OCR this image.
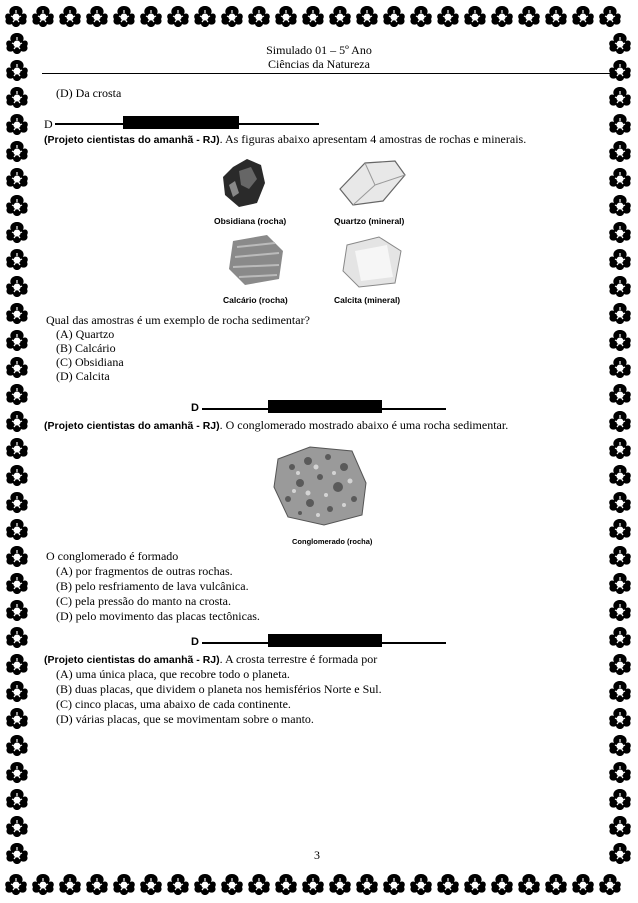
Simulado 01 – 5º Ano
Ciências da Natureza
(D) Da crosta
D
(Projeto cientistas do amanhã - RJ). As figuras abaixo apresentam 4 amostras de rochas e minerais.
Obsidiana (rocha)	Quartzo (mineral)
Calcário (rocha)	Calcita (mineral)
Qual das amostras é um exemplo de rocha sedimentar?
(A) Quartzo
(B) Calcário
(C) Obsidiana
(D) Calcita
D
(Projeto cientistas do amanhã - RJ). O conglomerado mostrado abaixo é uma rocha sedimentar.
Conglomerado (rocha)
O conglomerado é formado
(A) por fragmentos de outras rochas.
(B) pelo resfriamento de lava vulcânica.
(C) pela pressão do manto na crosta.
(D) pelo movimento das placas tectônicas.
D
(Projeto cientistas do amanhã - RJ). A crosta terrestre é formada por
(A) uma única placa, que recobre todo o planeta.
(B) duas placas, que dividem o planeta nos hemisférios Norte e Sul.
(C) cinco placas, uma abaixo de cada continente.
(D) várias placas, que se movimentam sobre o manto.
3
